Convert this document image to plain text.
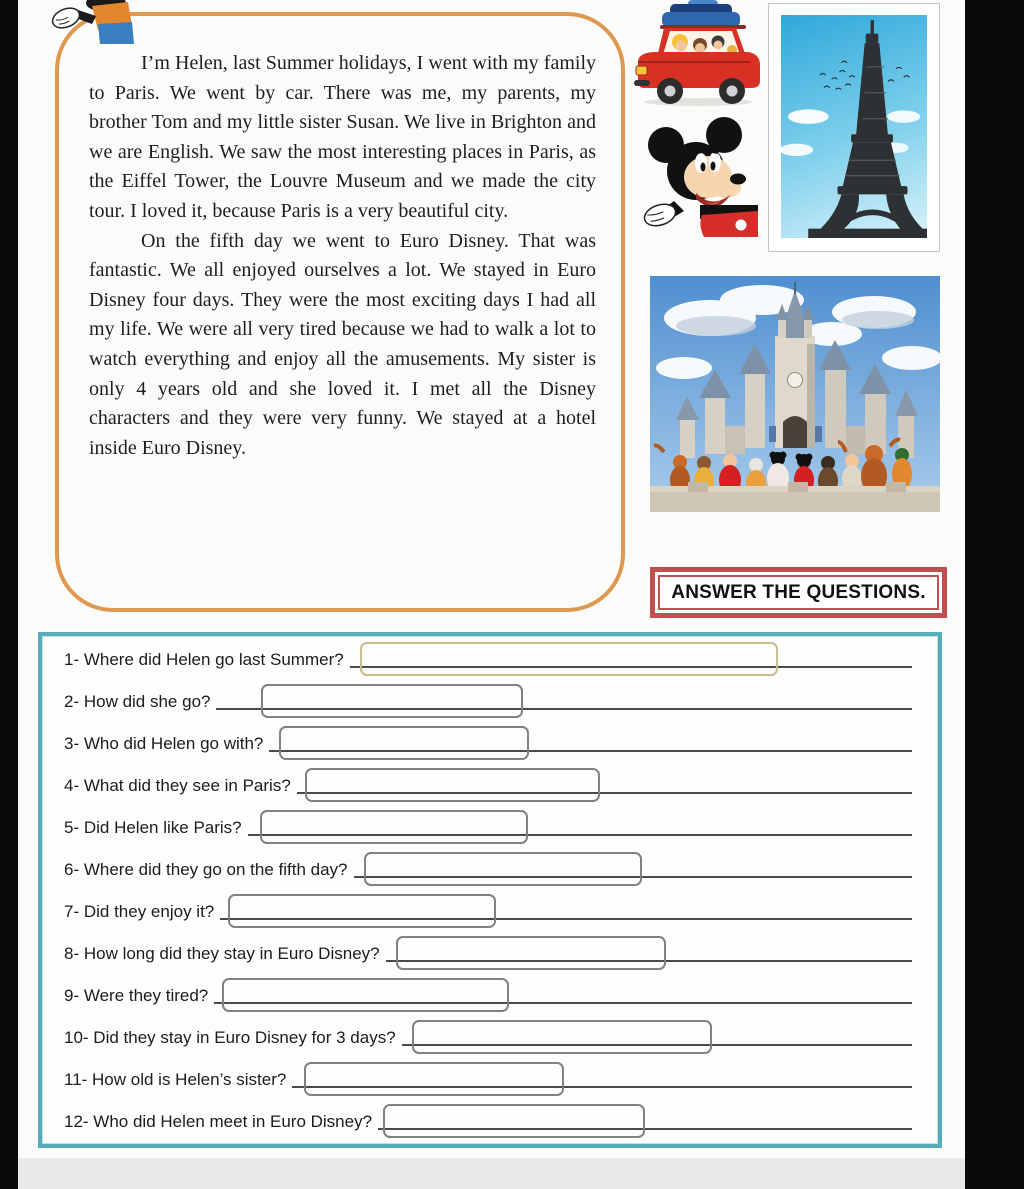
I’m Helen, last Summer holidays, I went with my family to Paris. We went by car. There was me, my parents, my brother Tom and my little sister Susan. We live in Brighton and we are English. We saw the most interesting places in Paris, as the Eiffel Tower, the Louvre Museum and we made the city tour. I loved it, because Paris is a very beautiful city.

On the fifth day we went to Euro Disney. That was fantastic. We all enjoyed ourselves a lot. We stayed in Euro Disney four days. They were the most exciting days I had all my life. We were all very tired because we had to walk a lot to watch everything and enjoy all the amusements. My sister is only 4 years old and she loved it. I met all the Disney characters and they were very funny. We stayed at a hotel inside Euro Disney.

ANSWER THE QUESTIONS.
1- Where did Helen go last Summer?
2- How did she go?
3- Who did Helen go with?
4- What did they see in Paris?
5- Did Helen like Paris?
6- Where did they go on the fifth day?
7- Did they enjoy it?
8- How long did they stay in Euro Disney?
9- Were they tired?
10- Did they stay in Euro Disney for 3 days?
11- How old is Helen’s sister?
12- Who did Helen meet in Euro Disney?
